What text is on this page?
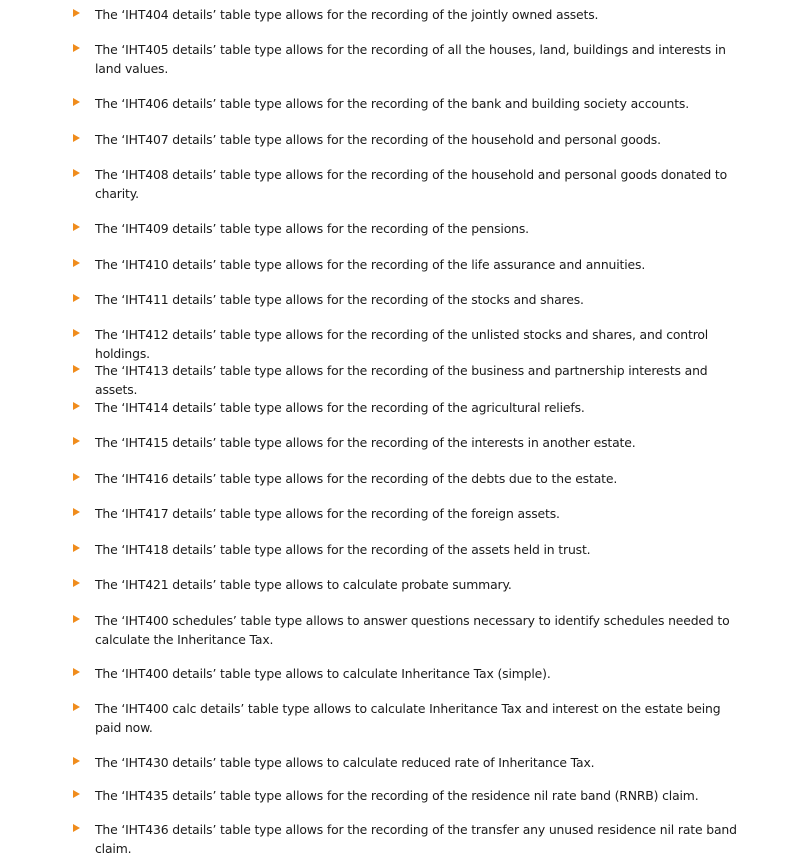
The ‘IHT404 details’ table type allows for the recording of the jointly owned assets.
The ‘IHT405 details’ table type allows for the recording of all the houses, land, buildings and interests in land values.
The ‘IHT406 details’ table type allows for the recording of the bank and building society accounts.
The ‘IHT407 details’ table type allows for the recording of the household and personal goods.
The ‘IHT408 details’ table type allows for the recording of the household and personal goods donated to charity.
The ‘IHT409 details’ table type allows for the recording of the pensions.
The ‘IHT410 details’ table type allows for the recording of the life assurance and annuities.
The ‘IHT411 details’ table type allows for the recording of the stocks and shares.
The ‘IHT412 details’ table type allows for the recording of the unlisted stocks and shares, and control holdings.
The ‘IHT413 details’ table type allows for the recording of the business and partnership interests and assets.
The ‘IHT414 details’ table type allows for the recording of the agricultural reliefs.
The ‘IHT415 details’ table type allows for the recording of the interests in another estate.
The ‘IHT416 details’ table type allows for the recording of the debts due to the estate.
The ‘IHT417 details’ table type allows for the recording of the foreign assets.
The ‘IHT418 details’ table type allows for the recording of the assets held in trust.
The ‘IHT421 details’ table type allows to calculate probate summary.
The ‘IHT400 schedules’ table type allows to answer questions necessary to identify schedules needed to calculate the Inheritance Tax.
The ‘IHT400 details’ table type allows to calculate Inheritance Tax (simple).
The ‘IHT400 calc details’ table type allows to calculate Inheritance Tax and interest on the estate being paid now.
The ‘IHT430 details’ table type allows to calculate reduced rate of Inheritance Tax.
The ‘IHT435 details’ table type allows for the recording of the residence nil rate band (RNRB) claim.
The ‘IHT436 details’ table type allows for the recording of the transfer any unused residence nil rate band claim.
